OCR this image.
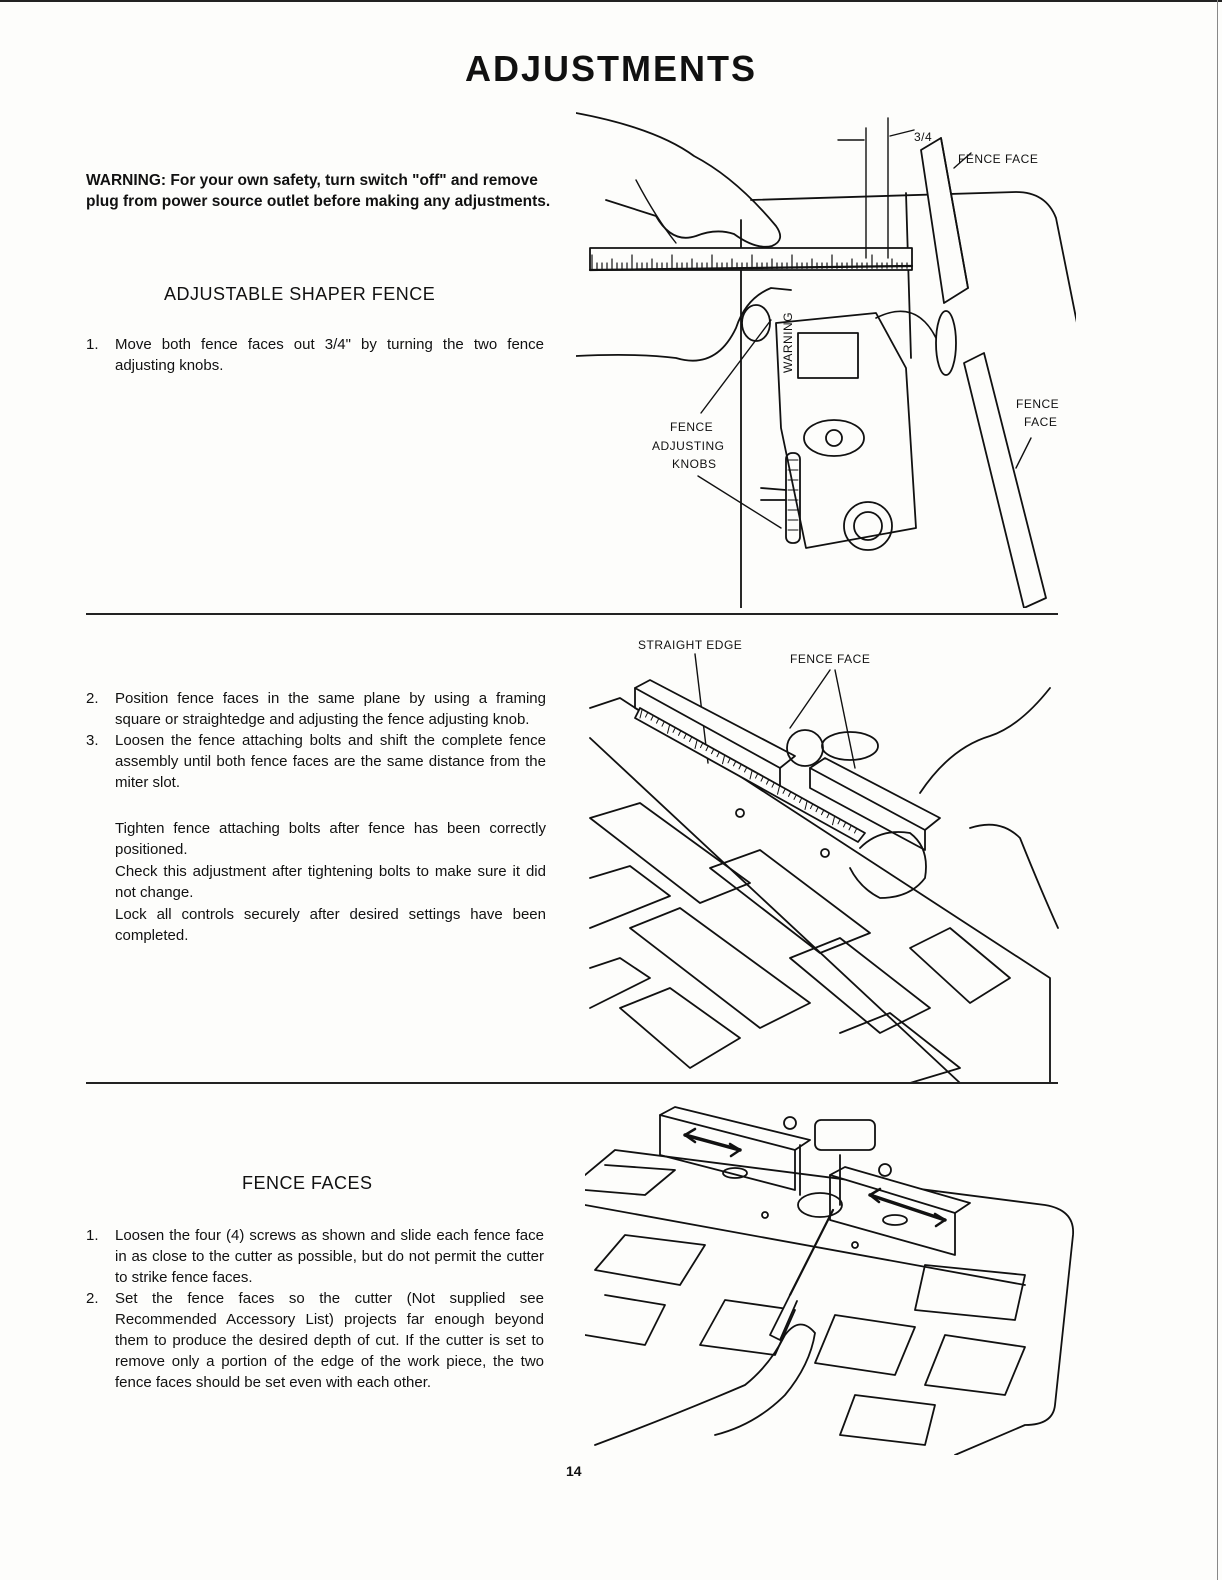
ADJUSTMENTS
WARNING: For your own safety, turn switch "off" and remove plug from power source outlet before making any adjustments.
ADJUSTABLE SHAPER FENCE
1. Move both fence faces out 3/4" by turning the two fence adjusting knobs.
3/4
FENCE FACE
FENCE
FACE
WARNING
FENCE
ADJUSTING
KNOBS
2. Position fence faces in the same plane by using a framing square or straightedge and adjusting the fence adjusting knob.
3. Loosen the fence attaching bolts and shift the complete fence assembly until both fence faces are the same distance from the miter slot.

Tighten fence attaching bolts after fence has been correctly positioned.

Check this adjustment after tightening bolts to make sure it did not change.

Lock all controls securely after desired settings have been completed.

STRAIGHT EDGE
FENCE FACE
FENCE FACES
1. Loosen the four (4) screws as shown and slide each fence face in as close to the cutter as possible, but do not permit the cutter to strike fence faces.
2. Set the fence faces so the cutter (Not supplied see Recommended Accessory List) projects far enough beyond them to produce the desired depth of cut. If the cutter is set to remove only a portion of the edge of the work piece, the two fence faces should be set even with each other.
14
